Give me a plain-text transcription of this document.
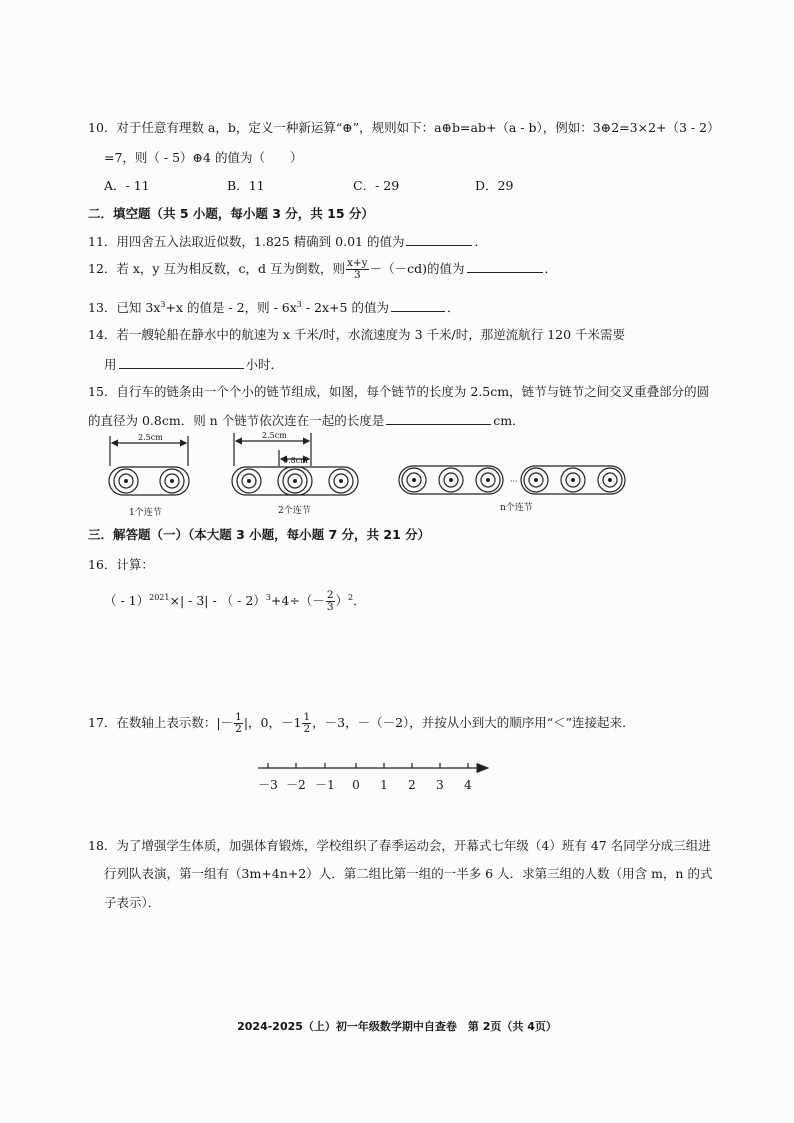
10．对于任意有理数 a，b，定义一种新运算“⊕”，规则如下：a⊕b=ab+（a - b），例如：3⊕2=3×2+（3 - 2）
=7，则（ - 5）⊕4 的值为（　　）
A．- 11	B．11	C．- 29	D．29
二．填空题（共 5 小题，每小题 3 分，共 15 分）
11．用四舍五入法取近似数，1.825 精确到 0.01 的值为	．
12．若 x，y 互为相反数，c，d 互为倒数，则 $\frac{x+y}{3} -(-cd)$的值为	．
13．已知 $3x^3+x$ 的值是 - 2，则 - $6x^3 - 2x+5$ 的值为	．
14．若一艘轮船在静水中的航速为 x 千米/时，水流速度为 3 千米/时，那逆流航行 120 千米需要
用	小时．
15．自行车的链条由一个个小的链节组成，如图，每个链节的长度为 2.5cm，链节与链节之间交叉重叠部分的圆
的直径为 0.8cm．则 n 个链节依次连在一起的长度是	cm．
2.5cm	2.5cm
0.8cm
···
1个连节	2个连节	n个连节
－3 －2 －1 0 1 2 3 4
三．解答题（一）（本大题 3 小题，每小题 7 分，共 21 分）
16．计算：
（ - 1）$^{2021}$×| - 3| - （ - $2)^3+4\div(- \frac{2}{3} )^2$．
17．在数轴上表示数：|－ $\frac{1}{2}$ |，0，$-1 \frac{1}{2}$ ，－3，－（－2），并按从小到大的顺序用“＜”连接起来．
18．为了增强学生体质，加强体育锻炼，学校组织了春季运动会，开幕式七年级（4）班有 47 名同学分成三组进
行列队表演，第一组有（3m+4n+2）人．第二组比第一组的一半多 6 人．求第三组的人数（用含 m，n 的式
子表示）．
2024-2025（上）初一年级数学期中自查卷　第 2页（共 4页）
